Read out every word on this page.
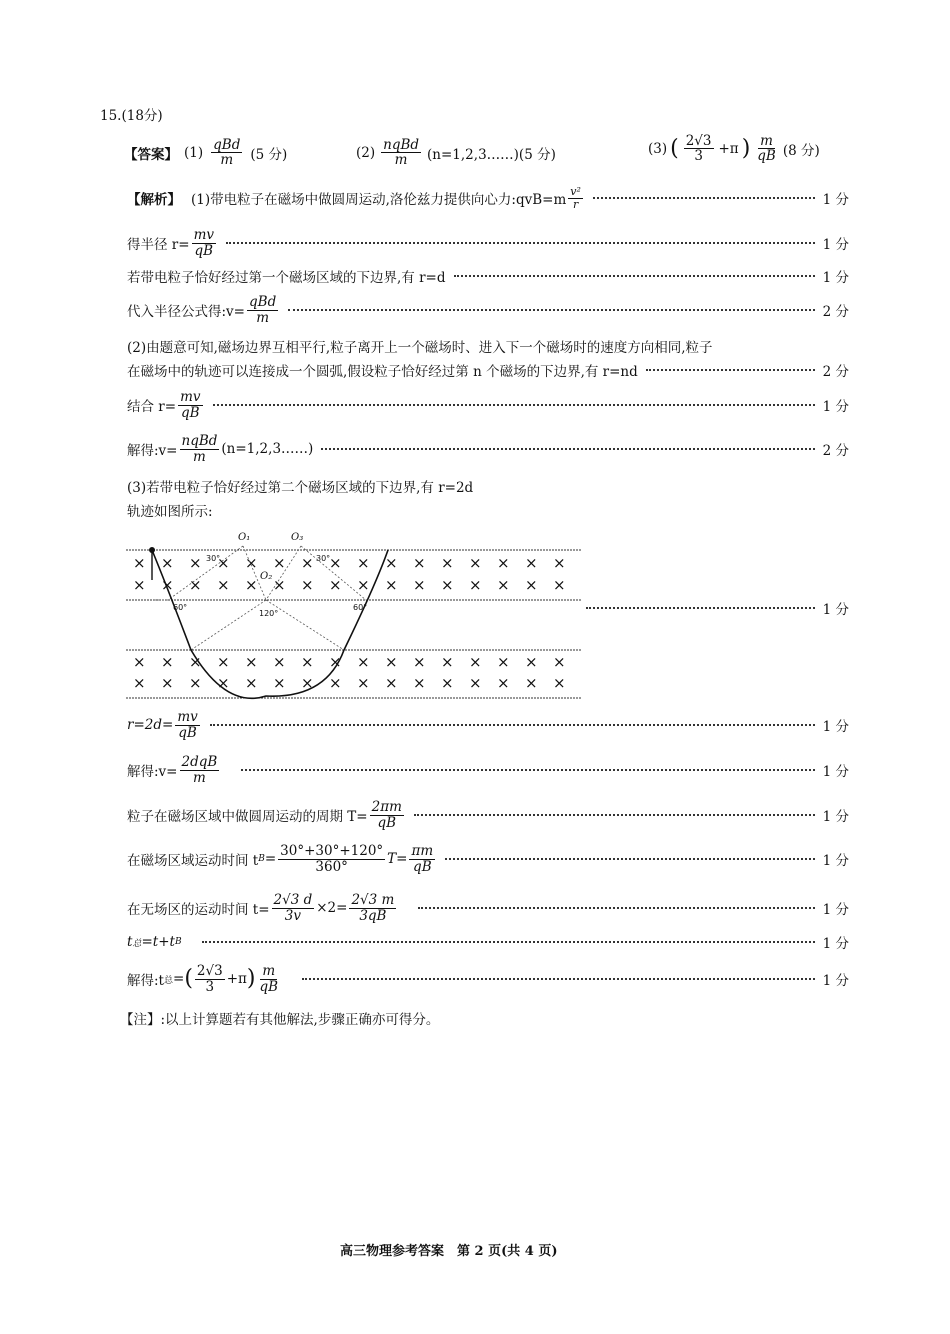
15.(18分)
【答案】 $(1) \frac{\text{qBd}}{m} (5$ 分)	$(2) \frac{\text{nqBd}}{m}$ (n=1,2,3……)(5 分)	(3) ( $\frac{2√3}{3} +\pi$ ) $\frac{m}{qB} (8$ 分)
【解析】 (1)带电粒子在磁场中做圆周运动,洛伦兹力提供向心力:qvB=m $\frac{\text{v²}}{r}$	1 分
得半径 $r= \frac{mv}{qB}$	1 分
若带电粒子恰好经过第一个磁场区域的下边界,有 r=d	1 分
代入半径公式得:v= $\frac{\text{qBd}}{m}$	2 分
(2)由题意可知,磁场边界互相平行,粒子离开上一个磁场时、进入下一个磁场时的速度方向相同,粒子
在磁场中的轨迹可以连接成一个圆弧,假设粒子恰好经过第 n 个磁场的下边界,有 r=nd	2 分
结合 $r= \frac{mv}{qB}$	1 分
解得:v= $\frac{\text{nqBd}}{m}$ (n=1,2,3……)	2 分
(3)若带电粒子恰好经过第二个磁场区域的下边界,有 r=2d
轨迹如图所示:
× × × × × × × × × × × × × × × ×
× × × × × × × × × × × × × × × ×
× × × × × × × × × × × × × × × ×
× × × × × × × × × × × × × × × ×
O₁	O₃
O₂
30°	30°
60°	60°
120°	1 分
$r=2d= \frac{mv}{qB}$	1 分
解得:v= $\frac{\text{2dqB}}{m}$	1 分
粒子在磁场区域中做圆周运动的周期 $T= \frac{2\pi m}{qB}$	1 分
在磁场区域运动时间 t $B = \frac{30^\circ+30^\circ+120^\circ}{360^\circ} T= \frac{\pi m}{qB}$	1 分
在无场区的运动时间 $t= \frac{2√3 d}{3v} \times 2= \frac{2√3 m}{3qB}$	1 分
t 总 =t+t B	1 分
解得:t 总 = ( $\frac{2√3}{3} +\pi$ ) $\frac{m}{qB}$	1 分
【注】:以上计算题若有其他解法,步骤正确亦可得分。
高三物理参考答案　第 2 页(共 4 页)
